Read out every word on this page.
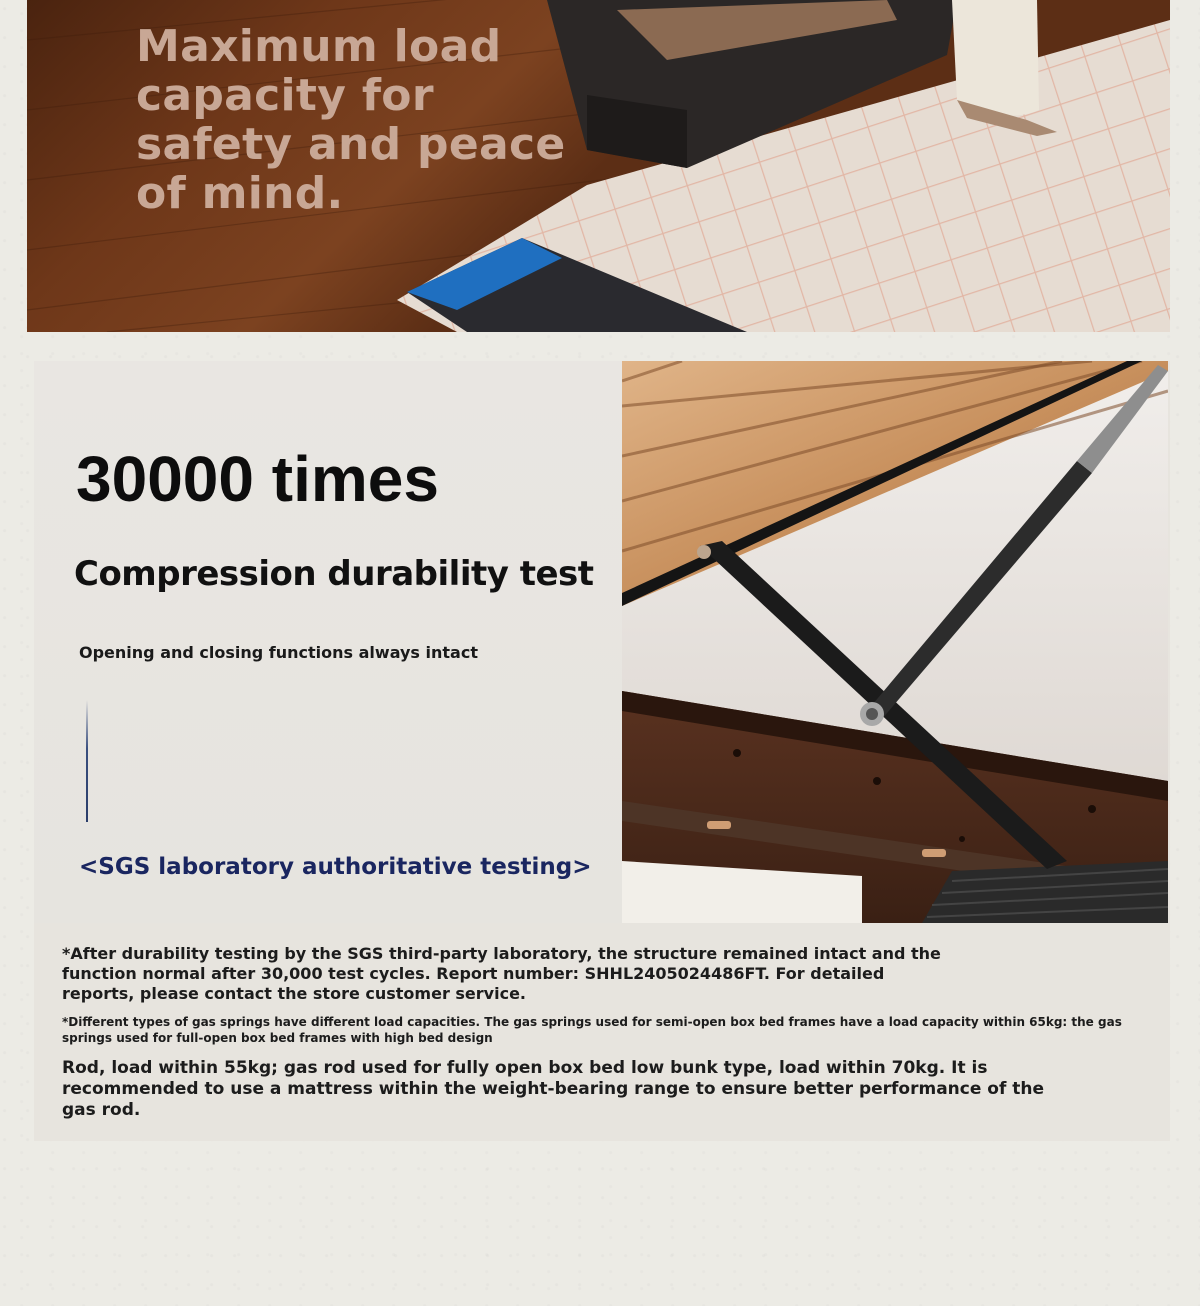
Maximum load capacity for safety and peace of mind.
30000 times
Compression durability test
Opening and closing functions always intact
<SGS laboratory authoritative testing>
*After durability testing by the SGS third-party laboratory, the structure remained intact and the function normal after 30,000 test cycles. Report number: SHHL2405024486FT. For detailed reports, please contact the store customer service.
*Different types of gas springs have different load capacities. The gas springs used for semi-open box bed frames have a load capacity within 65kg: the gas springs used for full-open box bed frames with high bed design
Rod, load within 55kg; gas rod used for fully open box bed low bunk type, load within 70kg. It is recommended to use a mattress within the weight-bearing range to ensure better performance of the gas rod.
